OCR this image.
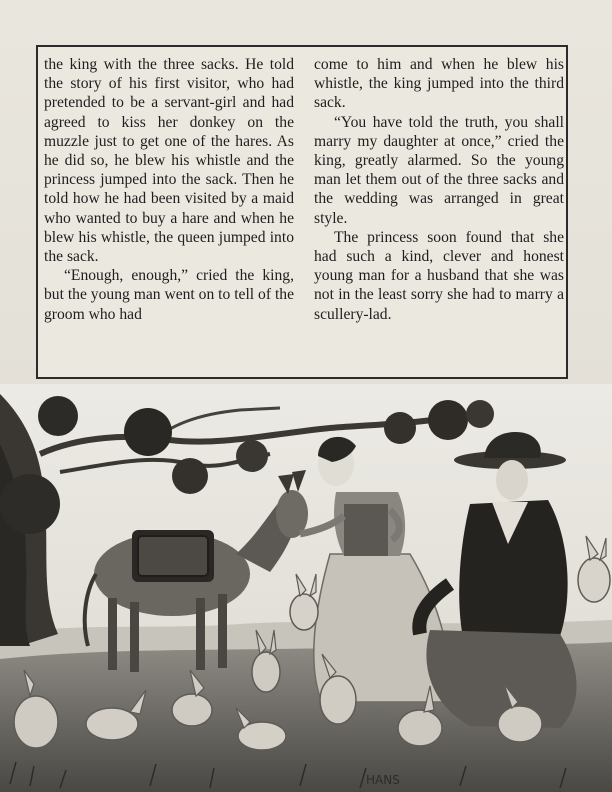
the king with the three sacks. He told the story of his first visitor, who had pretended to be a servant-girl and had agreed to kiss her donkey on the muzzle just to get one of the hares. As he did so, he blew his whistle and the princess jumped into the sack. Then he told how he had been visited by a maid who wanted to buy a hare and when he blew his whistle, the queen jumped into the sack.

“Enough, enough,” cried the king, but the young man went on to tell of the groom who had

come to him and when he blew his whistle, the king jumped into the third sack.

“You have told the truth, you shall marry my daughter at once,” cried the king, greatly alarmed. So the young man let them out of the three sacks and the wedding was arranged in great style.

The princess soon found that she had such a kind, clever and honest young man for a husband that she was not in the least sorry she had to marry a scullery-lad.

HANS
